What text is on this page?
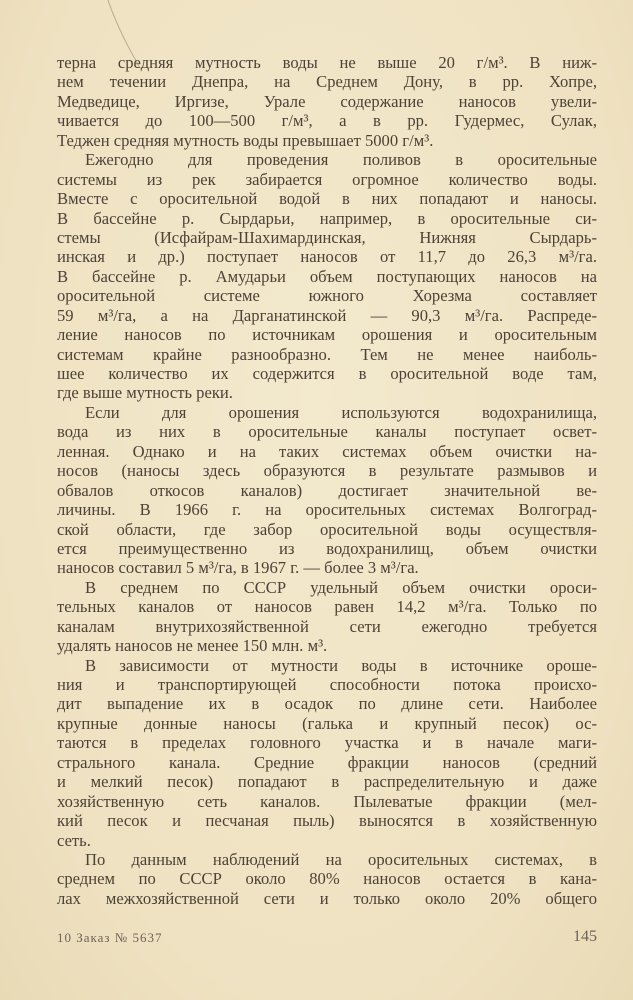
терна средняя мутность воды не выше 20 г/м³. В ниж-
нем течении Днепра, на Среднем Дону, в рр. Хопре,
Медведице, Иргизе, Урале содержание наносов увели-
чивается до 100—500 г/м³, а в рр. Гудермес, Сулак,
Теджен средняя мутность воды превышает 5000 г/м³.
Ежегодно для проведения поливов в оросительные
системы из рек забирается огромное количество воды.
Вместе с оросительной водой в них попадают и наносы.
В бассейне р. Сырдарьи, например, в оросительные си-
стемы (Исфайрам-Шахимардинская, Нижняя Сырдарь-
инская и др.) поступает наносов от 11,7 до 26,3 м³/га.
В бассейне р. Амударьи объем поступающих наносов на
оросительной системе южного Хорезма составляет
59 м³/га, а на Дарганатинской — 90,3 м³/га. Распреде-
ление наносов по источникам орошения и оросительным
системам крайне разнообразно. Тем не менее наиболь-
шее количество их содержится в оросительной воде там,
где выше мутность реки.
Если для орошения используются водохранилища,
вода из них в оросительные каналы поступает освет-
ленная. Однако и на таких системах объем очистки на-
носов (наносы здесь образуются в результате размывов и
обвалов откосов каналов) достигает значительной ве-
личины. В 1966 г. на оросительных системах Волгоград-
ской области, где забор оросительной воды осуществля-
ется преимущественно из водохранилищ, объем очистки
наносов составил 5 м³/га, в 1967 г. — более 3 м³/га.
В среднем по СССР удельный объем очистки ороси-
тельных каналов от наносов равен 14,2 м³/га. Только по
каналам внутрихозяйственной сети ежегодно требуется
удалять наносов не менее 150 млн. м³.
В зависимости от мутности воды в источнике ороше-
ния и транспортирующей способности потока происхо-
дит выпадение их в осадок по длине сети. Наиболее
крупные донные наносы (галька и крупный песок) ос-
таются в пределах головного участка и в начале маги-
стрального канала. Средние фракции наносов (средний
и мелкий песок) попадают в распределительную и даже
хозяйственную сеть каналов. Пылеватые фракции (мел-
кий песок и песчаная пыль) выносятся в хозяйственную
сеть.
По данным наблюдений на оросительных системах, в
среднем по СССР около 80% наносов остается в кана-
лах межхозяйственной сети и только около 20% общего
10 Заказ № 5637	145
